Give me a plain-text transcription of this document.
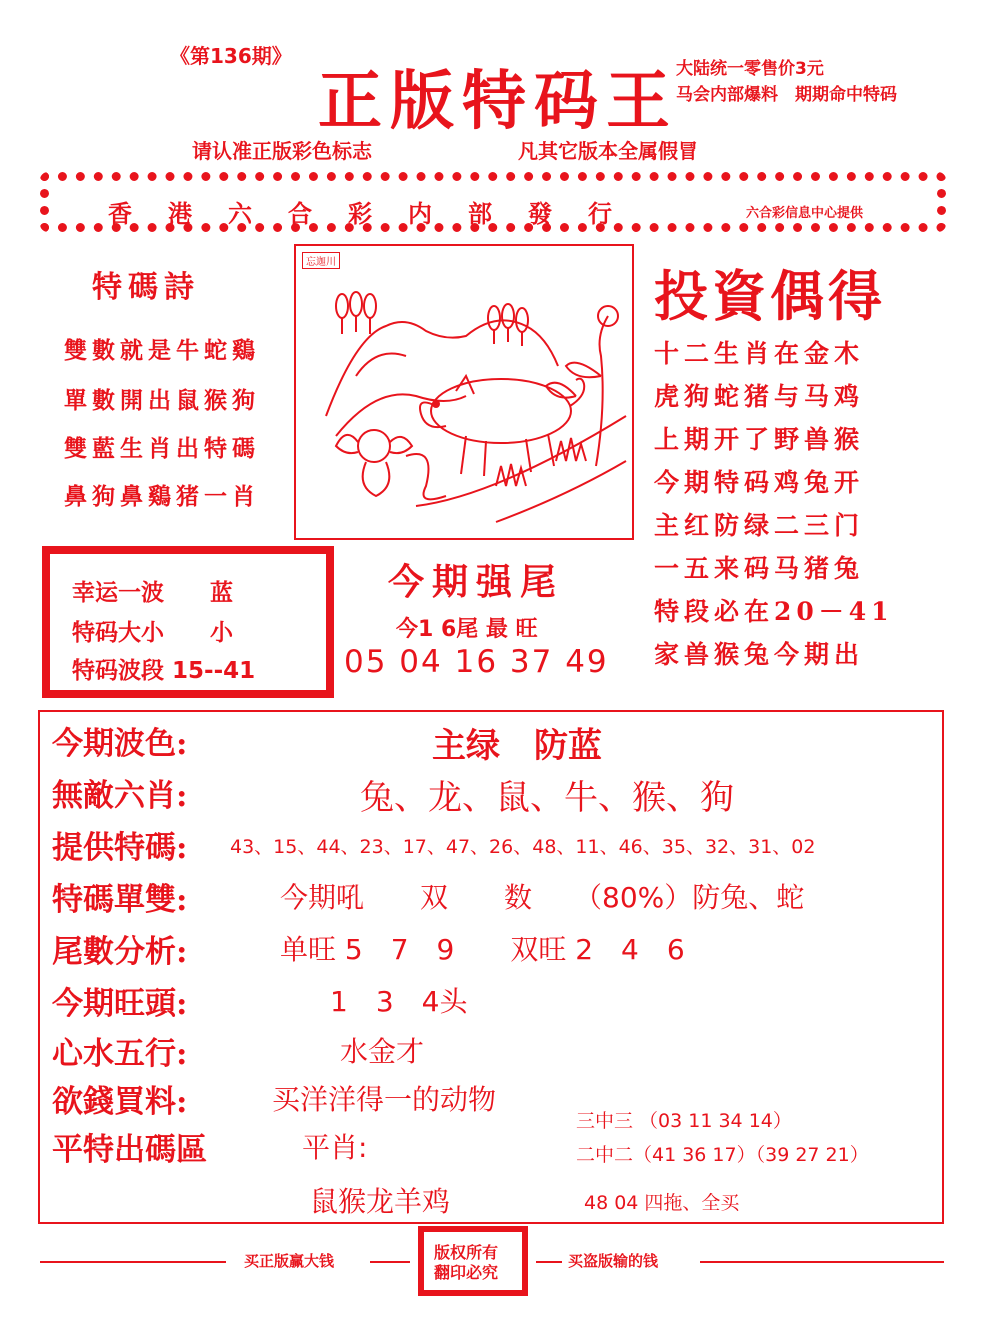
《第136期》
正版特码王
大陆统一零售价3元
马会内部爆料　期期命中特码
请认准正版彩色标志	凡其它版本全属假冒
香港六合彩内部發行	六合彩信息中心提供
特碼詩
雙數就是牛蛇鷄
單數開出鼠猴狗
雙藍生肖出特碼
鼻狗鼻鷄猪一肖
忘迦川
投資偶得
十二生肖在金木
虎狗蛇猪与马鸡
上期开了野兽猴
今期特码鸡兔开
主红防绿二三门
一五来码马猪兔
特段必在20－41
家兽猴兔今期出
幸运一波 蓝
特码大小 小
特码波段 15--41
今期强尾
今1 6尾 最 旺
05 04 16 37 49
今期波色:	主绿　防蓝
無敵六肖:	兔、龙、鼠、牛、猴、狗
提供特碼: 43、15、44、23、17、47、26、48、11、46、35、32、31、02
特碼單雙:	今期吼　　双　　数　　（80%）防兔、蛇
尾數分析:	单旺 5　7　9　　双旺 2　4　6
今期旺頭:	1　3　4头
心水五行:	水金才
欲錢買料:	买洋洋得一的动物
平特出碼區	平肖:
鼠猴龙羊鸡
三中三 （03 11 34 14）
二中二（41 36 17）（39 27 21）
48 04 四拖、全买
买正版赢大钱	版权所有
翻印必究
买盗版输的钱
